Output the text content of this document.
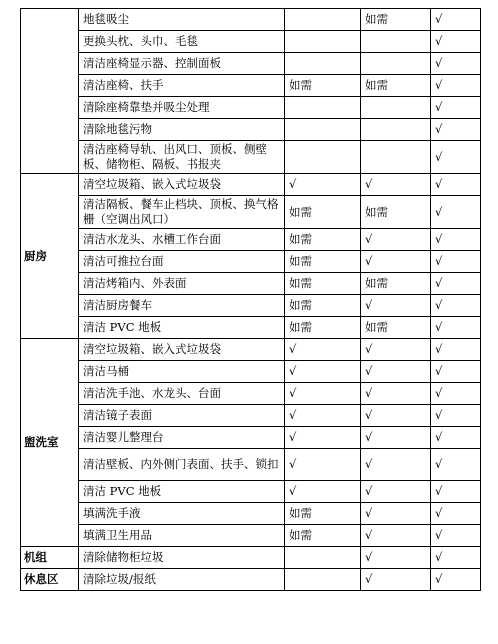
	地毯吸尘		如需	√
	更换头枕、头巾、毛毯			√
	清洁座椅显示器、控制面板			√
	清洁座椅、扶手	如需	如需	√
	清除座椅靠垫并吸尘处理			√
	清除地毯污物			√
	清洁座椅导轨、出风口、顶板、侧壁板、储物柜、隔板、书报夹			√
厨房	清空垃圾箱、嵌入式垃圾袋	√	√	√
	清洁隔板、餐车止档块、顶板、换气格栅（空调出风口）	如需	如需	√
	清洁水龙头、水槽工作台面	如需	√	√
	清洁可推拉台面	如需	√	√
	清洁烤箱内、外表面	如需	如需	√
	清洁厨房餐车	如需	√	√
	清洁 PVC 地板	如需	如需	√
盥洗室	清空垃圾箱、嵌入式垃圾袋	√	√	√
	清洁马桶	√	√	√
	清洁洗手池、水龙头、台面	√	√	√
	清洁镜子表面	√	√	√
	清洁婴儿整理台	√	√	√
	清洁壁板、内外侧门表面、扶手、锁扣	√	√	√
	清洁 PVC 地板	√	√	√
	填满洗手液	如需	√	√
	填满卫生用品	如需	√	√
机组	清除储物柜垃圾		√	√
休息区	清除垃圾/报纸		√	√
